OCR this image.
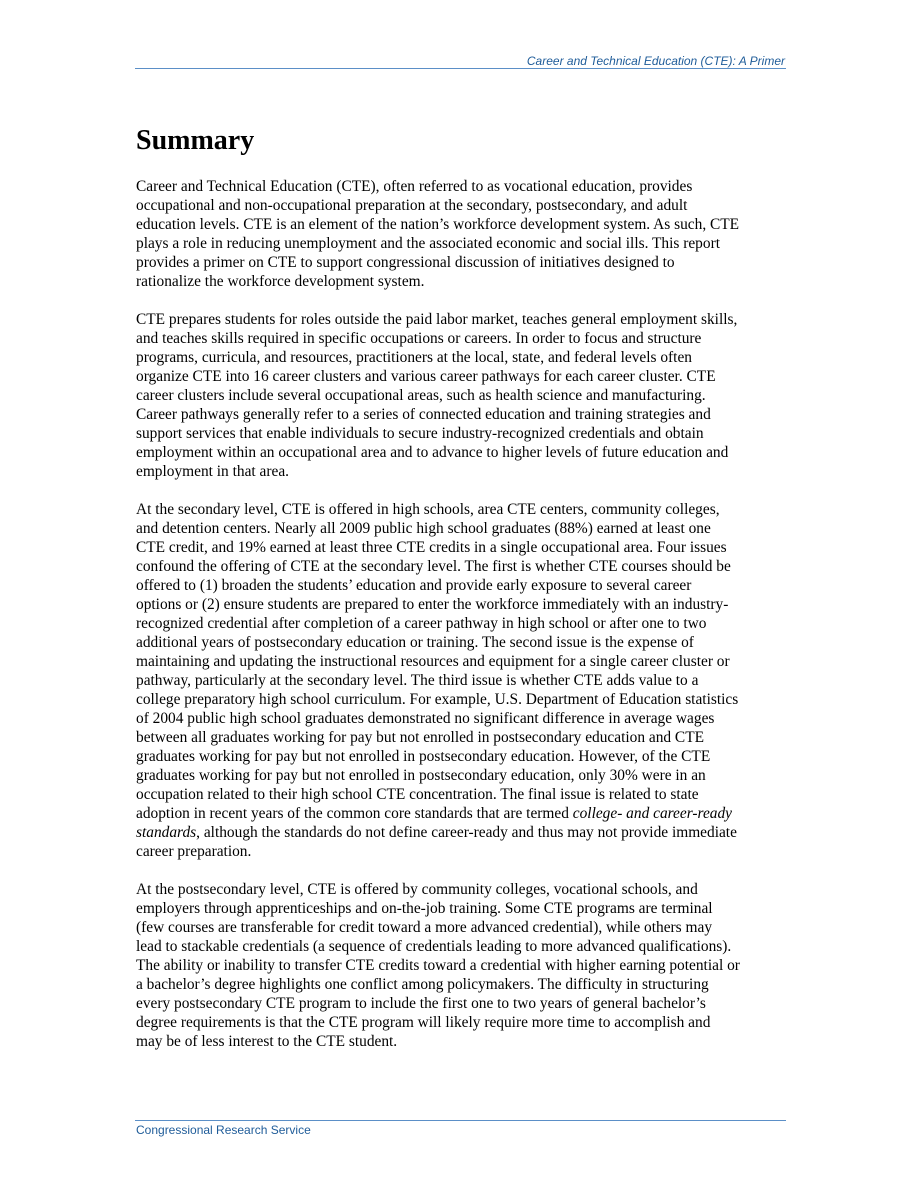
Career and Technical Education (CTE): A Primer
Summary

Career and Technical Education (CTE), often referred to as vocational education, provides
occupational and non-occupational preparation at the secondary, postsecondary, and adult
education levels. CTE is an element of the nation’s workforce development system. As such, CTE
plays a role in reducing unemployment and the associated economic and social ills. This report
provides a primer on CTE to support congressional discussion of initiatives designed to
rationalize the workforce development system.

CTE prepares students for roles outside the paid labor market, teaches general employment skills,
and teaches skills required in specific occupations or careers. In order to focus and structure
programs, curricula, and resources, practitioners at the local, state, and federal levels often
organize CTE into 16 career clusters and various career pathways for each career cluster. CTE
career clusters include several occupational areas, such as health science and manufacturing.
Career pathways generally refer to a series of connected education and training strategies and
support services that enable individuals to secure industry-recognized credentials and obtain
employment within an occupational area and to advance to higher levels of future education and
employment in that area.

At the secondary level, CTE is offered in high schools, area CTE centers, community colleges,
and detention centers. Nearly all 2009 public high school graduates (88%) earned at least one
CTE credit, and 19% earned at least three CTE credits in a single occupational area. Four issues
confound the offering of CTE at the secondary level. The first is whether CTE courses should be
offered to (1) broaden the students’ education and provide early exposure to several career
options or (2) ensure students are prepared to enter the workforce immediately with an industry-
recognized credential after completion of a career pathway in high school or after one to two
additional years of postsecondary education or training. The second issue is the expense of
maintaining and updating the instructional resources and equipment for a single career cluster or
pathway, particularly at the secondary level. The third issue is whether CTE adds value to a
college preparatory high school curriculum. For example, U.S. Department of Education statistics
of 2004 public high school graduates demonstrated no significant difference in average wages
between all graduates working for pay but not enrolled in postsecondary education and CTE
graduates working for pay but not enrolled in postsecondary education. However, of the CTE
graduates working for pay but not enrolled in postsecondary education, only 30% were in an
occupation related to their high school CTE concentration. The final issue is related to state
adoption in recent years of the common core standards that are termed college- and career-ready
standards, although the standards do not define career-ready and thus may not provide immediate
career preparation.

At the postsecondary level, CTE is offered by community colleges, vocational schools, and
employers through apprenticeships and on-the-job training. Some CTE programs are terminal
(few courses are transferable for credit toward a more advanced credential), while others may
lead to stackable credentials (a sequence of credentials leading to more advanced qualifications).
The ability or inability to transfer CTE credits toward a credential with higher earning potential or
a bachelor’s degree highlights one conflict among policymakers. The difficulty in structuring
every postsecondary CTE program to include the first one to two years of general bachelor’s
degree requirements is that the CTE program will likely require more time to accomplish and
may be of less interest to the CTE student.

Congressional Research Service
